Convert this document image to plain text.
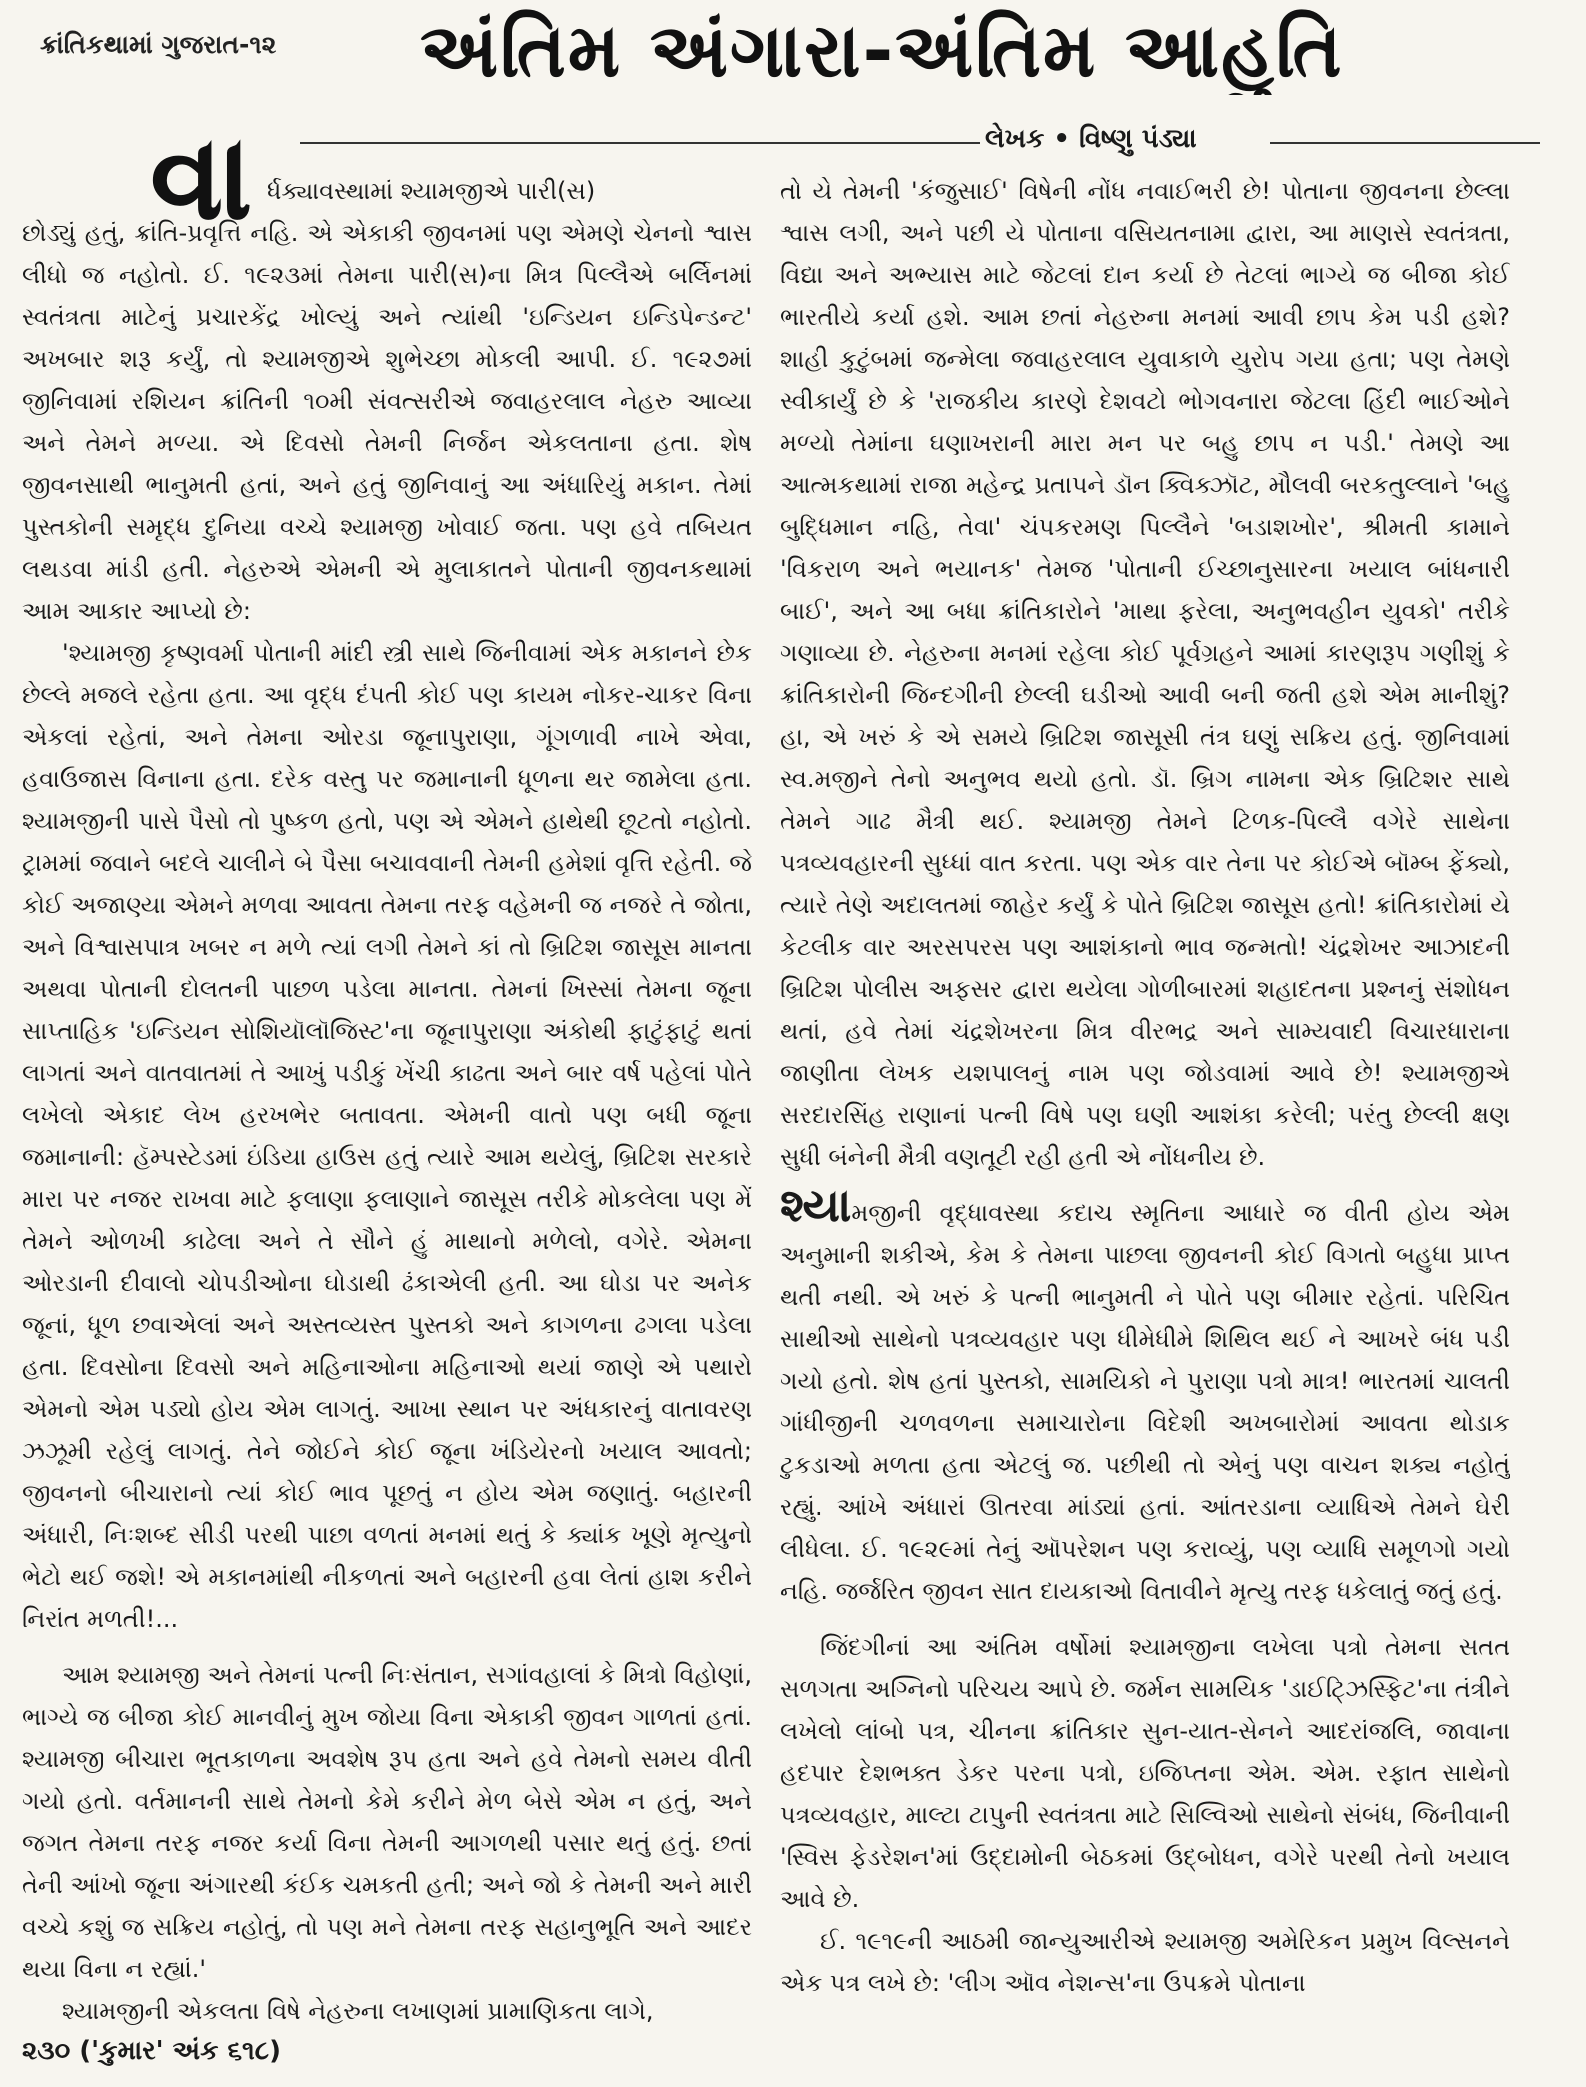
ક્રાંતિકથામાં ગુજરાત-૧૨	અંતિમ અંગારા-અંતિમ આહુતિ
વા	લેખક • વિષ્ણુ પંડ્યા

ર્ધક્યાવસ્થામાં શ્યામજીએ પારી(સ)
છોડ્યું હતું, ક્રાંતિ-પ્રવૃત્તિ નહિ. એ એકાકી જીવનમાં પણ એમણે ચેનનો શ્વાસ લીધો જ નહોતો. ઈ. ૧૯૨૩માં તેમના પારી(સ)ના મિત્ર પિલ્લૈએ બર્લિનમાં સ્વતંત્રતા માટેનું પ્રચારકેંદ્ર ખોલ્યું અને ત્યાંથી 'ઇન્ડિયન ઇન્ડિપેન્ડન્ટ' અખબાર શરૂ કર્યું, તો શ્યામજીએ શુભેચ્છા મોકલી આપી. ઈ. ૧૯૨૭માં જીનિવામાં રશિયન ક્રાંતિની ૧૦મી સંવત્સરીએ જવાહરલાલ નેહરુ આવ્યા અને તેમને મળ્યા. એ દિવસો તેમની નિર્જન એકલતાના હતા. શેષ જીવનસાથી ભાનુમતી હતાં, અને હતું જીનિવાનું આ અંધારિયું મકાન. તેમાં પુસ્તકોની સમૃદ્ધ દુનિયા વચ્ચે શ્યામજી ખોવાઈ જતા. પણ હવે તબિયત લથડવા માંડી હતી. નેહરુએ એમની એ મુલાકાતને પોતાની જીવનકથામાં આમ આકાર આપ્યો છે:

'શ્યામજી કૃષ્ણવર્મા પોતાની માંદી સ્ત્રી સાથે જિનીવામાં એક મકાનને છેક છેલ્લે મજલે રહેતા હતા. આ વૃદ્ધ દંપતી કોઈ પણ કાયમ નોકર-ચાકર વિના એકલાં રહેતાં, અને તેમના ઓરડા જૂનાપુરાણા, ગૂંગળાવી નાખે એવા, હવાઉજાસ વિનાના હતા. દરેક વસ્તુ પર જમાનાની ધૂળના થર જામેલા હતા. શ્યામજીની પાસે પૈસો તો પુષ્કળ હતો, પણ એ એમને હાથેથી છૂટતો નહોતો. ટ્રામમાં જવાને બદલે ચાલીને બે પૈસા બચાવવાની તેમની હમેશાં વૃત્તિ રહેતી. જે કોઈ અજાણ્યા એમને મળવા આવતા તેમના તરફ વહેમની જ નજરે તે જોતા, અને વિશ્વાસપાત્ર ખબર ન મળે ત્યાં લગી તેમને કાં તો બ્રિટિશ જાસૂસ માનતા અથવા પોતાની દોલતની પાછળ પડેલા માનતા. તેમનાં ખિસ્સાં તેમના જૂના સાપ્તાહિક 'ઇન્ડિયન સોશિયૉલૉજિસ્ટ'ના જૂનાપુરાણા અંકોથી ફાટુંફાટું થતાં લાગતાં અને વાતવાતમાં તે આખું પડીકું ખેંચી કાઢતા અને બાર વર્ષ પહેલાં પોતે લખેલો એકાદ લેખ હરખભેર બતાવતા. એમની વાતો પણ બધી જૂના જમાનાની: હૅમ્પસ્ટેડમાં ઇંડિયા હાઉસ હતું ત્યારે આમ થયેલું, બ્રિટિશ સરકારે મારા પર નજર રાખવા માટે ફલાણા ફલાણાને જાસૂસ તરીકે મોકલેલા પણ મેં તેમને ઓળખી કાઢેલા અને તે સૌને હું માથાનો મળેલો, વગેરે. એમના ઓરડાની દીવાલો ચોપડીઓના ઘોડાથી ઢંકાએલી હતી. આ ઘોડા પર અનેક જૂનાં, ધૂળ છવાએલાં અને અસ્તવ્યસ્ત પુસ્તકો અને કાગળના ઢગલા પડેલા હતા. દિવસોના દિવસો અને મહિનાઓના મહિનાઓ થયાં જાણે એ પથારો એમનો એમ પડ્યો હોય એમ લાગતું. આખા સ્થાન પર અંધકારનું વાતાવરણ ઝઝૂમી રહેલું લાગતું. તેને જોઈને કોઈ જૂના ખંડિયેરનો ખયાલ આવતો; જીવનનો બીચારાનો ત્યાં કોઈ ભાવ પૂછતું ન હોય એમ જણાતું. બહારની અંધારી, નિઃશબ્દ સીડી પરથી પાછા વળતાં મનમાં થતું કે ક્યાંક ખૂણે મૃત્યુનો ભેટો થઈ જશે! એ મકાનમાંથી નીકળતાં અને બહારની હવા લેતાં હાશ કરીને નિરાંત મળતી!...

આમ શ્યામજી અને તેમનાં પત્ની નિઃસંતાન, સગાંવહાલાં કે મિત્રો વિહોણાં, ભાગ્યે જ બીજા કોઈ માનવીનું મુખ જોયા વિના એકાકી જીવન ગાળતાં હતાં. શ્યામજી બીચારા ભૂતકાળના અવશેષ રૂપ હતા અને હવે તેમનો સમય વીતી ગયો હતો. વર્તમાનની સાથે તેમનો કેમે કરીને મેળ બેસે એમ ન હતું, અને જગત તેમના તરફ નજર કર્યા વિના તેમની આગળથી પસાર થતું હતું. છતાં તેની આંખો જૂના અંગારથી કંઈક ચમકતી હતી; અને જો કે તેમની અને મારી વચ્ચે કશું જ સક્રિય નહોતું, તો પણ મને તેમના તરફ સહાનુભૂતિ અને આદર થયા વિના ન રહ્યાં.'

શ્યામજીની એકલતા વિષે નેહરુના લખાણમાં પ્રામાણિકતા લાગે,

તો યે તેમની 'કંજુસાઈ' વિષેની નોંધ નવાઈભરી છે! પોતાના જીવનના છેલ્લા શ્વાસ લગી, અને પછી યે પોતાના વસિયતનામા દ્વારા, આ માણસે સ્વતંત્રતા, વિદ્યા અને અભ્યાસ માટે જેટલાં દાન કર્યા છે તેટલાં ભાગ્યે જ બીજા કોઈ ભારતીયે કર્યા હશે. આમ છતાં નેહરુના મનમાં આવી છાપ કેમ પડી હશે? શાહી કુટુંબમાં જન્મેલા જવાહરલાલ યુવાકાળે યુરોપ ગયા હતા; પણ તેમણે સ્વીકાર્યું છે કે 'રાજકીય કારણે દેશવટો ભોગવનારા જેટલા હિંદી ભાઈઓને મળ્યો તેમાંના ઘણાખરાની મારા મન પર બહુ છાપ ન પડી.' તેમણે આ આત્મકથામાં રાજા મહેન્દ્ર પ્રતાપને ડૉન ક્વિક્ઝૉટ, મૌલવી બરકતુલ્લાને 'બહુ બુદ્ધિમાન નહિ, તેવા' ચંપકરમણ પિલ્લૈને 'બડાશખોર', શ્રીમતી કામાને 'વિકરાળ અને ભયાનક' તેમજ 'પોતાની ઈચ્છાનુસારના ખયાલ બાંધનારી બાઈ', અને આ બધા ક્રાંતિકારોને 'માથા ફરેલા, અનુભવહીન યુવકો' તરીકે ગણાવ્યા છે. નેહરુના મનમાં રહેલા કોઈ પૂર્વગ્રહને આમાં કારણરૂપ ગણીશું કે ક્રાંતિકારોની જિન્દગીની છેલ્લી ઘડીઓ આવી બની જતી હશે એમ માનીશું? હા, એ ખરું કે એ સમયે બ્રિટિશ જાસૂસી તંત્ર ઘણું સક્રિય હતું. જીનિવામાં સ્વ.મજીને તેનો અનુભવ થયો હતો. ડૉ. બ્રિગ નામના એક બ્રિટિશર સાથે તેમને ગાઢ મૈત્રી થઈ. શ્યામજી તેમને ટિળક-પિલ્લૈ વગેરે સાથેના પત્રવ્યવહારની સુધ્ધાં વાત કરતા. પણ એક વાર તેના પર કોઈએ બૉમ્બ ફેંક્યો, ત્યારે તેણે અદાલતમાં જાહેર કર્યું કે પોતે બ્રિટિશ જાસૂસ હતો! ક્રાંતિકારોમાં યે કેટલીક વાર અરસપરસ પણ આશંકાનો ભાવ જન્મતો! ચંદ્રશેખર આઝાદની બ્રિટિશ પોલીસ અફસર દ્વારા થયેલા ગોળીબારમાં શહાદતના પ્રશ્નનું સંશોધન થતાં, હવે તેમાં ચંદ્રશેખરના મિત્ર વીરભદ્ર અને સામ્યવાદી વિચારધારાના જાણીતા લેખક યશપાલનું નામ પણ જોડવામાં આવે છે! શ્યામજીએ સરદારસિંહ રાણાનાં પત્ની વિષે પણ ઘણી આશંકા કરેલી; પરંતુ છેલ્લી ક્ષણ સુધી બંનેની મૈત્રી વણતૂટી રહી હતી એ નોંધનીય છે.

શ્યામજીની વૃદ્ધાવસ્થા કદાચ સ્મૃતિના આધારે જ વીતી હોય એમ અનુમાની શકીએ, કેમ કે તેમના પાછલા જીવનની કોઈ વિગતો બહુધા પ્રાપ્ત થતી નથી. એ ખરું કે પત્ની ભાનુમતી ને પોતે પણ બીમાર રહેતાં. પરિચિત સાથીઓ સાથેનો પત્રવ્યવહાર પણ ધીમેધીમે શિથિલ થઈ ને આખરે બંધ પડી ગયો હતો. શેષ હતાં પુસ્તકો, સામયિકો ને પુરાણા પત્રો માત્ર! ભારતમાં ચાલતી ગાંધીજીની ચળવળના સમાચારોના વિદેશી અખબારોમાં આવતા થોડાક ટુકડાઓ મળતા હતા એટલું જ. પછીથી તો એનું પણ વાચન શક્ય નહોતું રહ્યું. આંખે અંધારાં ઊતરવા માંડ્યાં હતાં. આંતરડાના વ્યાધિએ તેમને ઘેરી લીધેલા. ઈ. ૧૯૨૯માં તેનું ઑપરેશન પણ કરાવ્યું, પણ વ્યાધિ સમૂળગો ગયો નહિ. જર્જરિત જીવન સાત દાયકાઓ વિતાવીને મૃત્યુ તરફ ધકેલાતું જતું હતું.

જિંદગીનાં આ અંતિમ વર્ષોમાં શ્યામજીના લખેલા પત્રો તેમના સતત સળગતા અગ્નિનો પરિચય આપે છે. જર્મન સામયિક 'ડાઈટ્ઝિસ્ફિટ'ના તંત્રીને લખેલો લાંબો પત્ર, ચીનના ક્રાંતિકાર સુન-યાત-સેનને આદરાંજલિ, જાવાના હદપાર દેશભક્ત ડેકર પરના પત્રો, ઇજિપ્તના એમ. એમ. રફાત સાથેનો પત્રવ્યવહાર, માલ્ટા ટાપુની સ્વતંત્રતા માટે સિલ્વિઓ સાથેનો સંબંધ, જિનીવાની 'સ્વિસ ફેડરેશન'માં ઉદ્દામોની બેઠકમાં ઉદ્બોધન, વગેરે પરથી તેનો ખયાલ આવે છે.

ઈ. ૧૯૧૯ની આઠમી જાન્યુઆરીએ શ્યામજી અમેરિકન પ્રમુખ વિલ્સનને એક પત્ર લખે છે: 'લીગ ઑવ નેશન્સ'ના ઉપક્રમે પોતાના

૨૩૦ ('કુમાર' અંક ૬૧૮)
